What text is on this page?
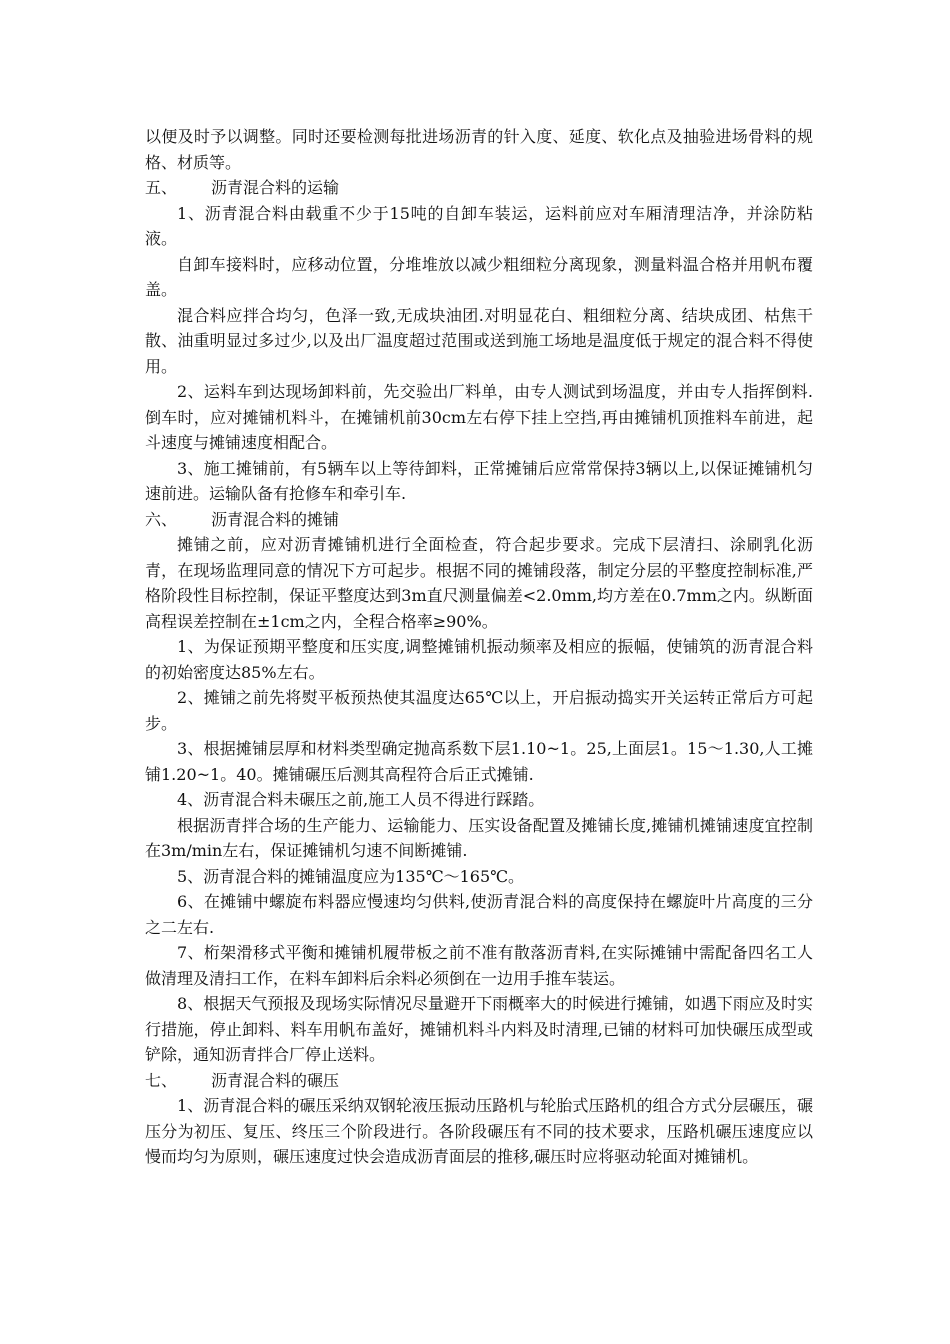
以便及时予以调整。同时还要检测每批进场沥青的针入度、延度、软化点及抽验进场骨料的规格、材质等。

五、 沥青混合料的运输

1、沥青混合料由载重不少于15吨的自卸车装运，运料前应对车厢清理洁净，并涂防粘液。

自卸车接料时，应移动位置，分堆堆放以减少粗细粒分离现象，测量料温合格并用帆布覆盖。

混合料应拌合均匀，色泽一致,无成块油团.对明显花白、粗细粒分离、结块成团、枯焦干散、油重明显过多过少,以及出厂温度超过范围或送到施工场地是温度低于规定的混合料不得使用。

2、运料车到达现场卸料前，先交验出厂料单，由专人测试到场温度，并由专人指挥倒料.倒车时，应对摊铺机料斗，在摊铺机前30cm左右停下挂上空挡,再由摊铺机顶推料车前进，起斗速度与摊铺速度相配合。

3、施工摊铺前，有5辆车以上等待卸料，正常摊铺后应常常保持3辆以上,以保证摊铺机匀速前进。运输队备有抢修车和牵引车.

六、 沥青混合料的摊铺

摊铺之前，应对沥青摊铺机进行全面检查，符合起步要求。完成下层清扫、涂刷乳化沥青，在现场监理同意的情况下方可起步。根据不同的摊铺段落，制定分层的平整度控制标准,严格阶段性目标控制，保证平整度达到3m直尺测量偏差<2.0mm,均方差在0.7mm之内。纵断面高程误差控制在±1cm之内，全程合格率≥90%。

1、为保证预期平整度和压实度,调整摊铺机振动频率及相应的振幅，使铺筑的沥青混合料的初始密度达85%左右。

2、摊铺之前先将熨平板预热使其温度达65℃以上，开启振动捣实开关运转正常后方可起步。

3、根据摊铺层厚和材料类型确定抛高系数下层1.10~1。25,上面层1。15～1.30,人工摊铺1.20~1。40。摊铺碾压后测其高程符合后正式摊铺.

4、沥青混合料未碾压之前,施工人员不得进行踩踏。

根据沥青拌合场的生产能力、运输能力、压实设备配置及摊铺长度,摊铺机摊铺速度宜控制在3m/min左右，保证摊铺机匀速不间断摊铺.

5、沥青混合料的摊铺温度应为135℃～165℃。

6、在摊铺中螺旋布料器应慢速均匀供料,使沥青混合料的高度保持在螺旋叶片高度的三分之二左右.

7、桁架滑移式平衡和摊铺机履带板之前不准有散落沥青料,在实际摊铺中需配备四名工人做清理及清扫工作，在料车卸料后余料必须倒在一边用手推车装运。

8、根据天气预报及现场实际情况尽量避开下雨概率大的时候进行摊铺，如遇下雨应及时实行措施，停止卸料、料车用帆布盖好，摊铺机料斗内料及时清理,已铺的材料可加快碾压成型或铲除，通知沥青拌合厂停止送料。

七、 沥青混合料的碾压

1、沥青混合料的碾压采纳双钢轮液压振动压路机与轮胎式压路机的组合方式分层碾压，碾压分为初压、复压、终压三个阶段进行。各阶段碾压有不同的技术要求，压路机碾压速度应以慢而均匀为原则，碾压速度过快会造成沥青面层的推移,碾压时应将驱动轮面对摊铺机。
